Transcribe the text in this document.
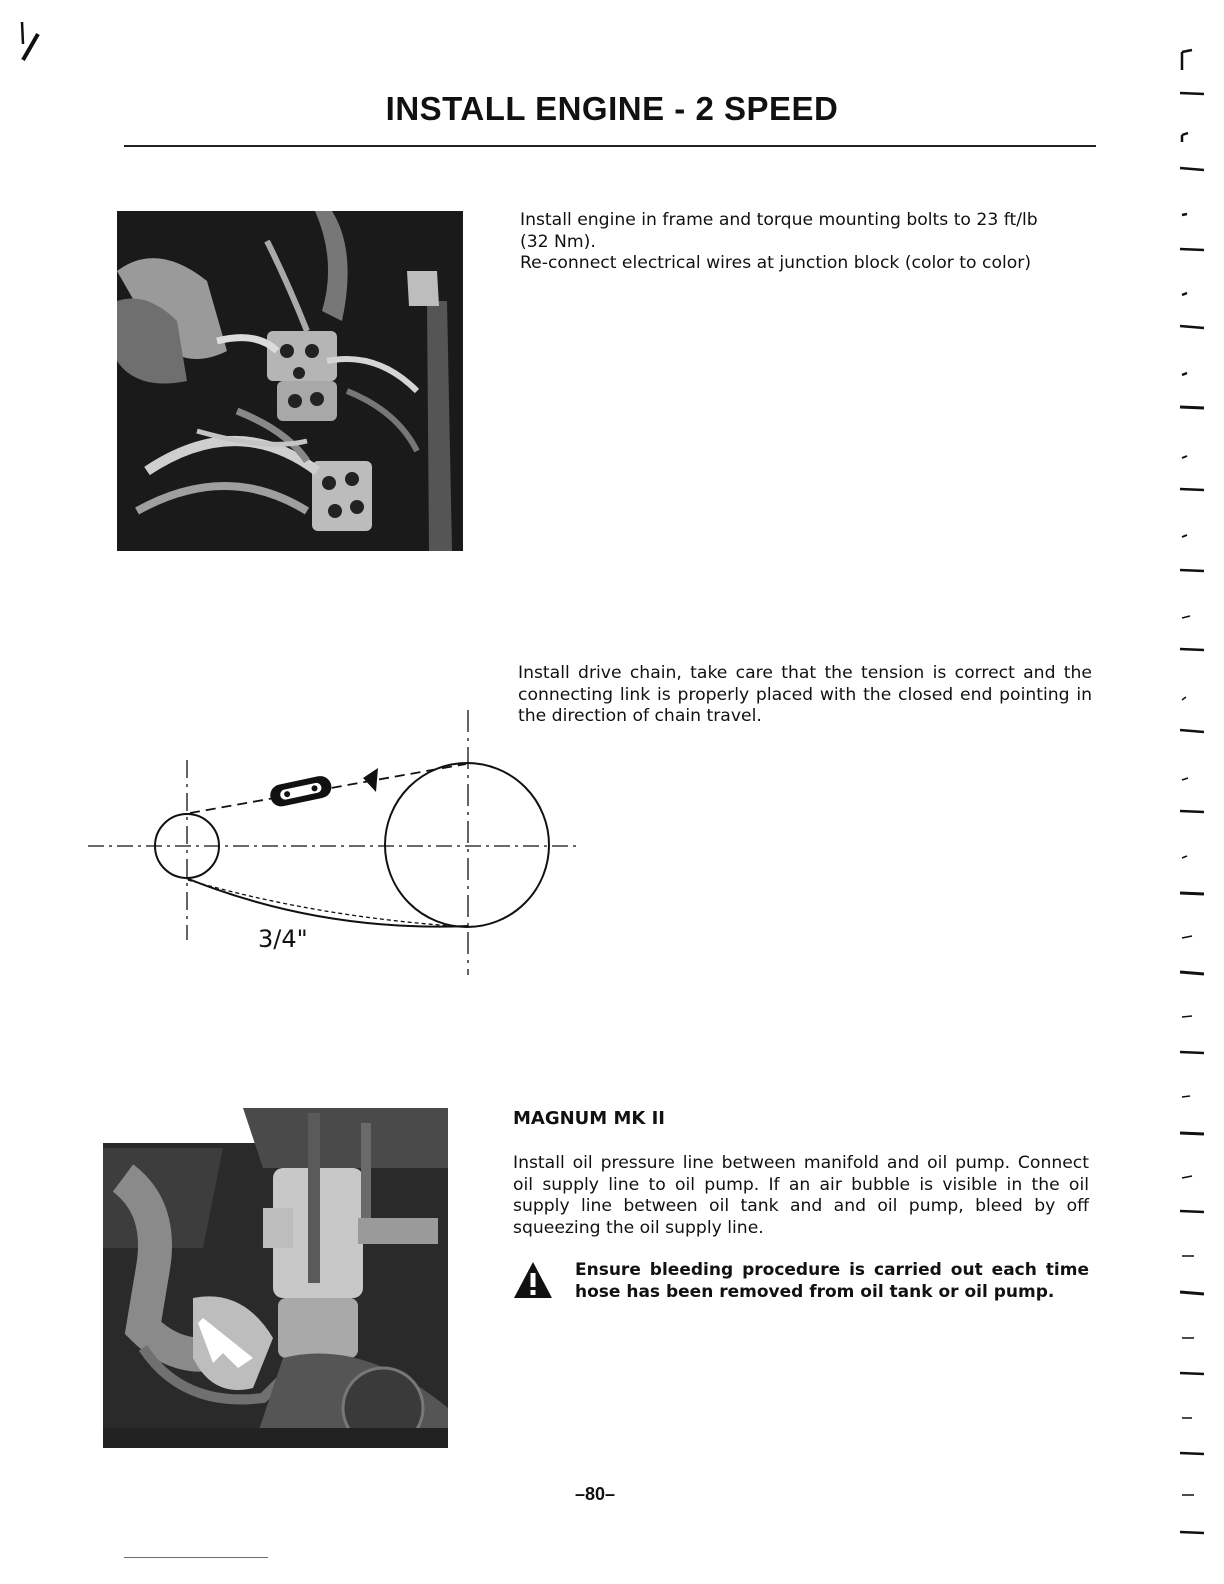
INSTALL ENGINE - 2 SPEED
Install engine in frame and torque mounting bolts to 23 ft/lb
(32 Nm).
Re-connect electrical wires at junction block (color to color)

Install drive chain, take care that the tension is correct and the connecting link is properly placed with the closed end pointing in the direction of chain travel.

3/4"
MAGNUM MK II

Install oil pressure line between manifold and oil pump. Connect oil supply line to oil pump. If an air bubble is visible in the oil supply line between oil tank and and oil pump, bleed by off squeezing the oil supply line.

Ensure bleeding procedure is carried out each time hose has been removed from oil tank or oil pump.
–80–
